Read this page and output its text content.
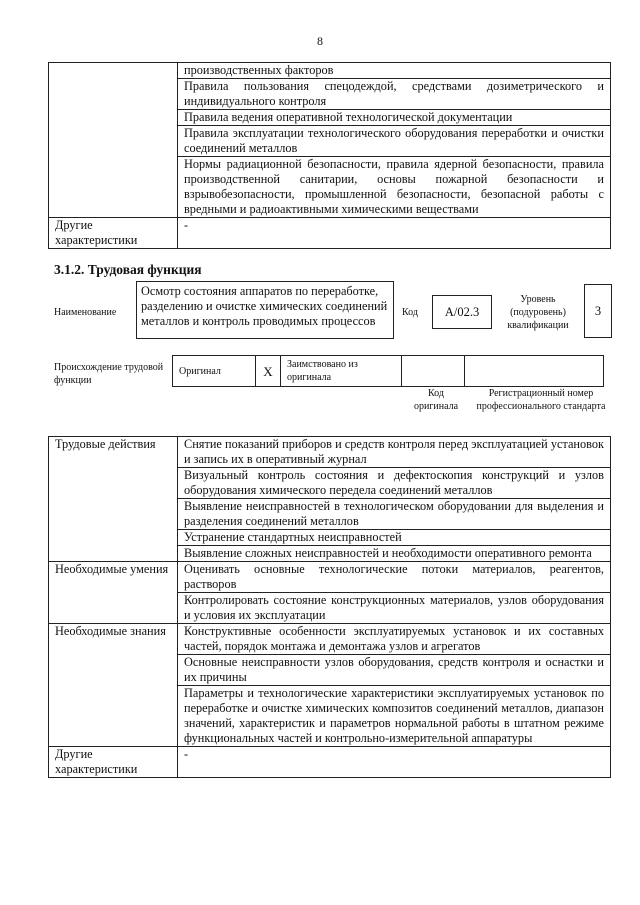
8
	производственных факторов
	Правила пользования спецодеждой, средствами дозиметрического и индивидуального контроля
	Правила ведения оперативной технологической документации
	Правила эксплуатации технологического оборудования переработки и очистки соединений металлов
	Нормы радиационной безопасности, правила ядерной безопасности, правила производственной санитарии, основы пожарной безопасности и взрывобезопасности, промышленной безопасности, безопасной работы с вредными и радиоактивными химическими веществами
Другие характеристики	-
3.1.2. Трудовая функция
Наименование
Осмотр состояния аппаратов по переработке, разделению и очистке химических соединений металлов и контроль проводимых процессов
Код	А/02.3
Уровень (подуровень) квалификации
3
Происхождение трудовой функции
Оригинал	X	Заимствовано из оригинала		
Код оригинала
Регистрационный номер профессионального стандарта
Трудовые действия	Снятие показаний приборов и средств контроля перед эксплуатацией установок и запись их в оперативный журнал
	Визуальный контроль состояния и дефектоскопия конструкций и узлов оборудования химического передела соединений металлов
	Выявление неисправностей в технологическом оборудовании для выделения и разделения соединений металлов
	Устранение стандартных неисправностей
	Выявление сложных неисправностей и необходимости оперативного ремонта
Необходимые умения	Оценивать основные технологические потоки материалов, реагентов, растворов
	Контролировать состояние конструкционных материалов, узлов оборудования и условия их эксплуатации
Необходимые знания	Конструктивные особенности эксплуатируемых установок и их составных частей, порядок монтажа и демонтажа узлов и агрегатов
	Основные неисправности узлов оборудования, средств контроля и оснастки и их причины
	Параметры и технологические характеристики эксплуатируемых установок по переработке и очистке химических композитов соединений металлов, диапазон значений, характеристик и параметров нормальной работы в штатном режиме функциональных частей и контрольно-измерительной аппаратуры
Другие характеристики	-
